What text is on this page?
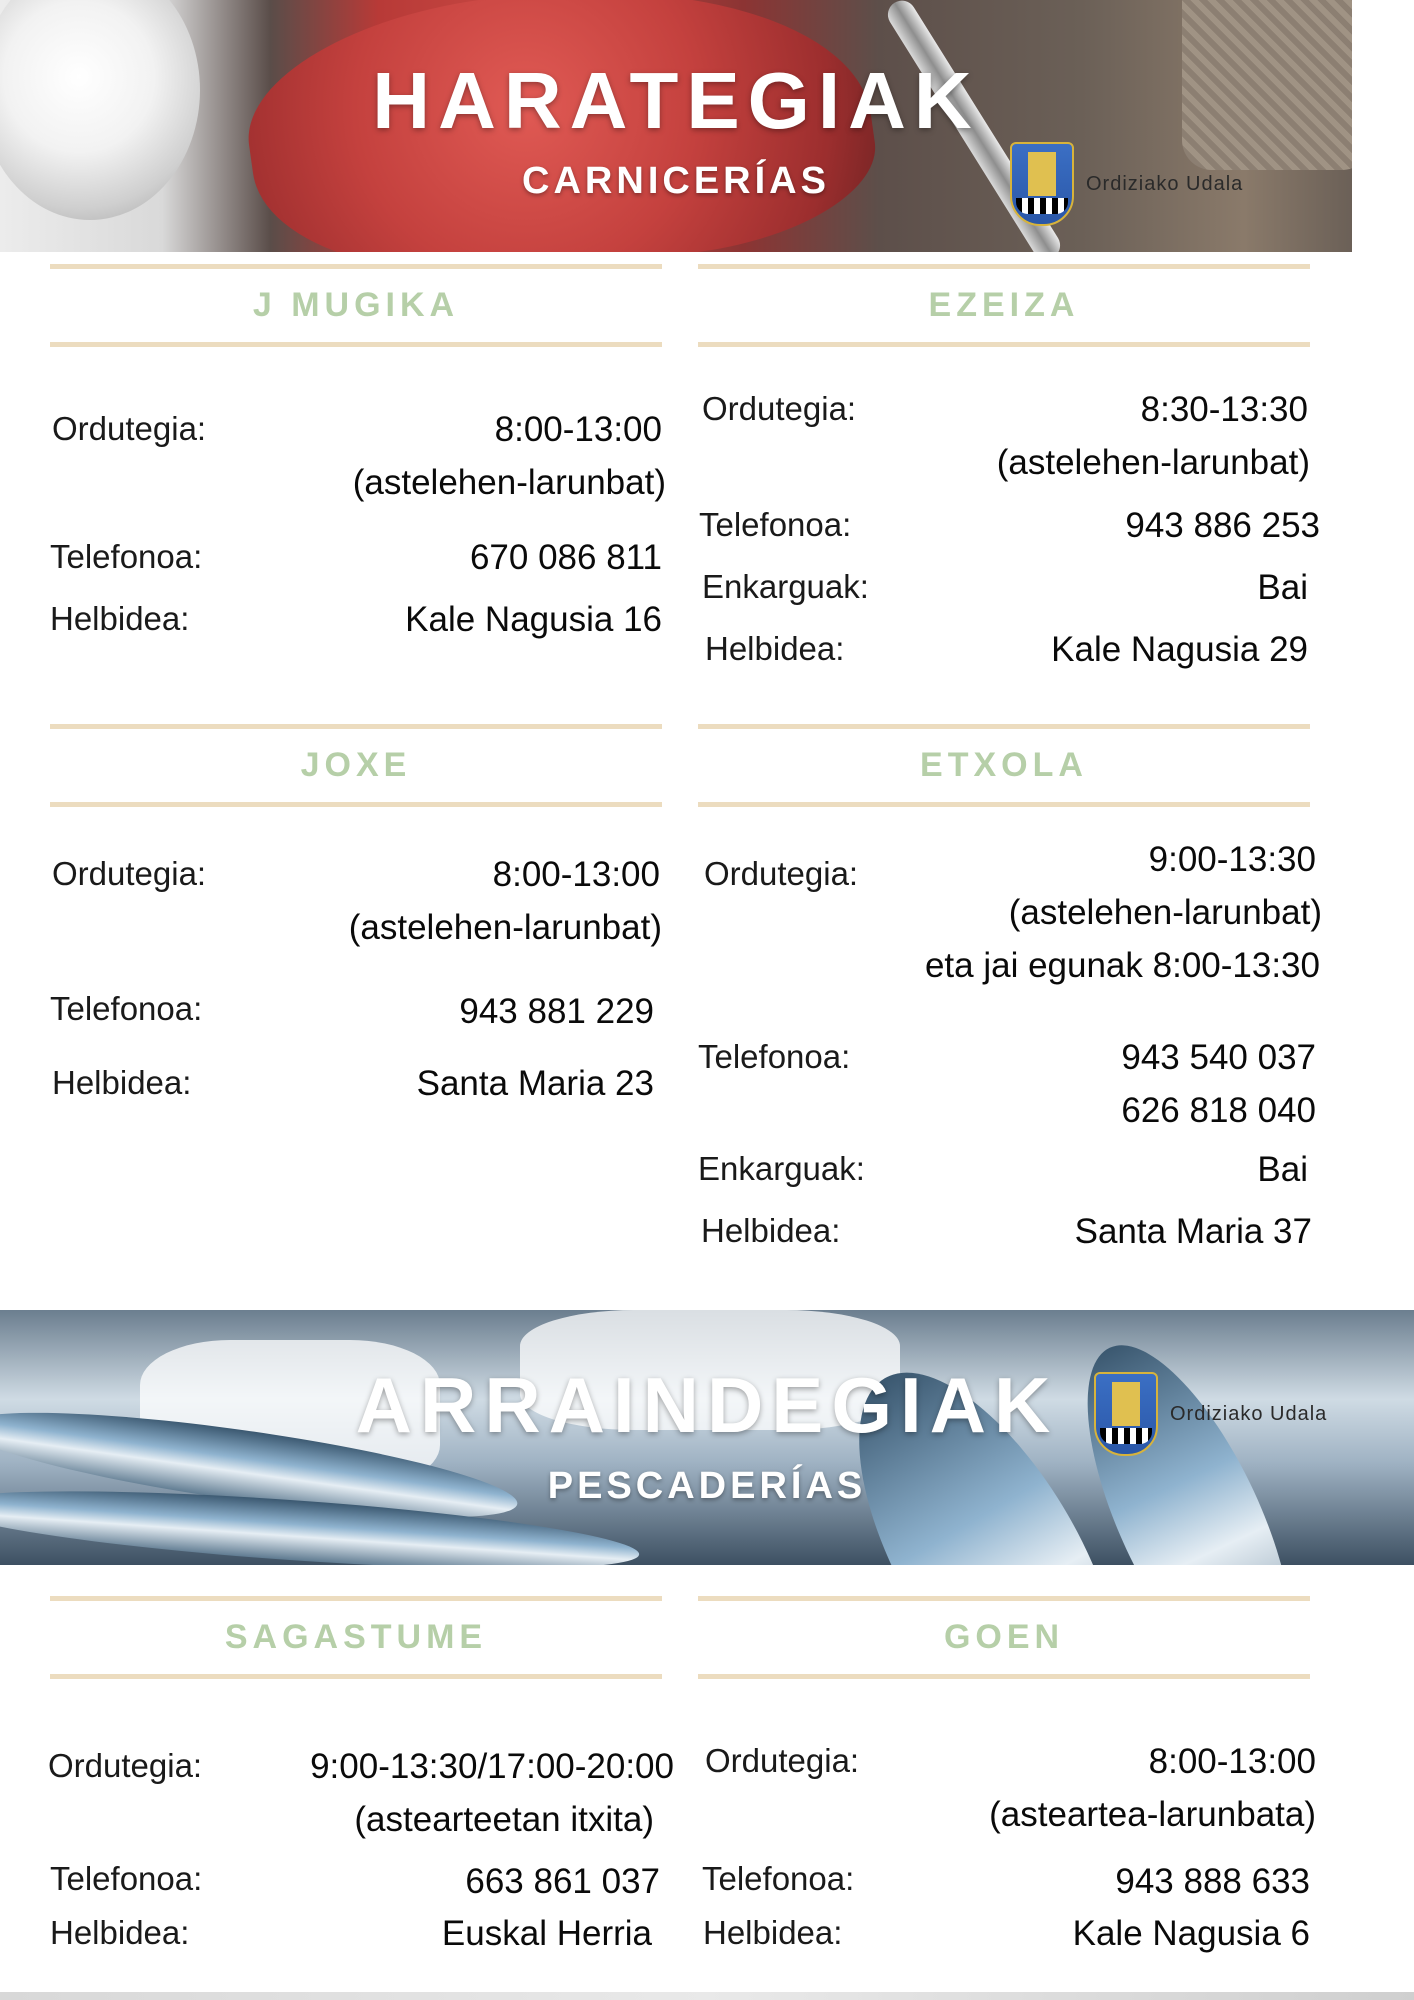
HARATEGIAK
CARNICERÍAS	Ordiziako Udala
J MUGIKA
Ordutegia:	8:00-13:00
(astelehen-larunbat)
Telefonoa:	670 086 811
Helbidea:	Kale Nagusia 16
EZEIZA
Ordutegia:	8:30-13:30
(astelehen-larunbat)
Telefonoa:	943 886 253
Enkarguak:	Bai
Helbidea:	Kale Nagusia 29
JOXE
Ordutegia:	8:00-13:00
(astelehen-larunbat)
Telefonoa:	943 881 229
Helbidea:	Santa Maria 23
ETXOLA
Ordutegia:	9:00-13:30
(astelehen-larunbat)
eta jai egunak 8:00-13:30
Telefonoa:	943 540 037
626 818 040
Enkarguak:	Bai
Helbidea:	Santa Maria 37
ARRAINDEGIAK
PESCADERÍAS
Ordiziako Udala
SAGASTUME
Ordutegia:	9:00-13:30/17:00-20:00
(astearteetan itxita)
Telefonoa:	663 861 037
Helbidea:	Euskal Herria
GOEN
Ordutegia:	8:00-13:00
(asteartea-larunbata)
Telefonoa:	943 888 633
Helbidea:	Kale Nagusia 6
